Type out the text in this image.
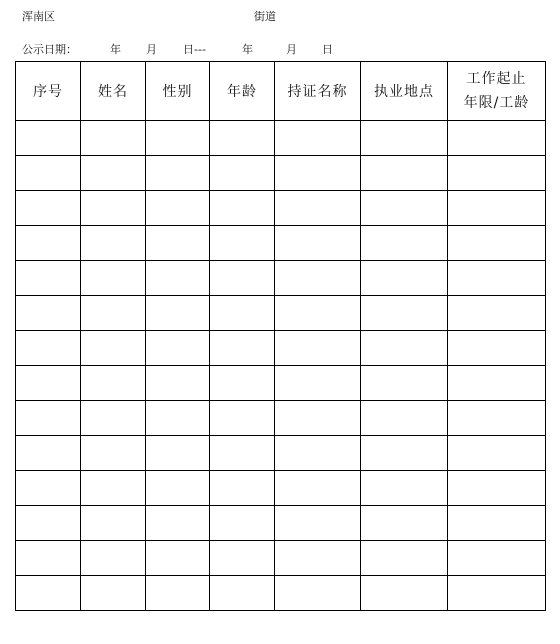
浑南区	街道
公示日期：	年 月 日---	年	月 日
序号	姓名	性别	年龄	持证名称	执业地点	工作起止
年限/工龄
